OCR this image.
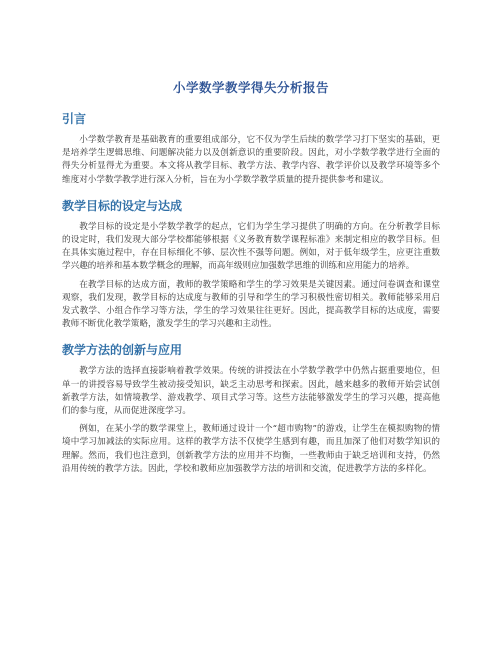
小学数学教学得失分析报告
引言

小学数学教育是基础教育的重要组成部分，它不仅为学生后续的数学学习打下坚实的基础，更是培养学生逻辑思维、问题解决能力以及创新意识的重要阶段。因此，对小学数学教学进行全面的得失分析显得尤为重要。本文将从教学目标、教学方法、教学内容、教学评价以及教学环境等多个维度对小学数学教学进行深入分析，旨在为小学数学教学质量的提升提供参考和建议。

教学目标的设定与达成

教学目标的设定是小学数学教学的起点，它们为学生学习提供了明确的方向。在分析教学目标的设定时，我们发现大部分学校都能够根据《义务教育数学课程标准》来制定相应的教学目标。但在具体实施过程中，存在目标细化不够、层次性不强等问题。例如，对于低年级学生，应更注重数学兴趣的培养和基本数学概念的理解，而高年级则应加强数学思维的训练和应用能力的培养。

在教学目标的达成方面，教师的教学策略和学生的学习效果是关键因素。通过问卷调查和课堂观察，我们发现，教学目标的达成度与教师的引导和学生的学习积极性密切相关。教师能够采用启发式教学、小组合作学习等方法，学生的学习效果往往更好。因此，提高教学目标的达成度，需要教师不断优化教学策略，激发学生的学习兴趣和主动性。

教学方法的创新与应用

教学方法的选择直接影响着教学效果。传统的讲授法在小学数学教学中仍然占据重要地位，但单一的讲授容易导致学生被动接受知识，缺乏主动思考和探索。因此，越来越多的教师开始尝试创新教学方法，如情境教学、游戏教学、项目式学习等。这些方法能够激发学生的学习兴趣，提高他们的参与度，从而促进深度学习。

例如，在某小学的数学课堂上，教师通过设计一个“超市购物”的游戏，让学生在模拟购物的情境中学习加减法的实际应用。这样的教学方法不仅使学生感到有趣，而且加深了他们对数学知识的理解。然而，我们也注意到，创新教学方法的应用并不均衡，一些教师由于缺乏培训和支持，仍然沿用传统的教学方法。因此，学校和教师应加强教学方法的培训和交流，促进教学方法的多样化。
